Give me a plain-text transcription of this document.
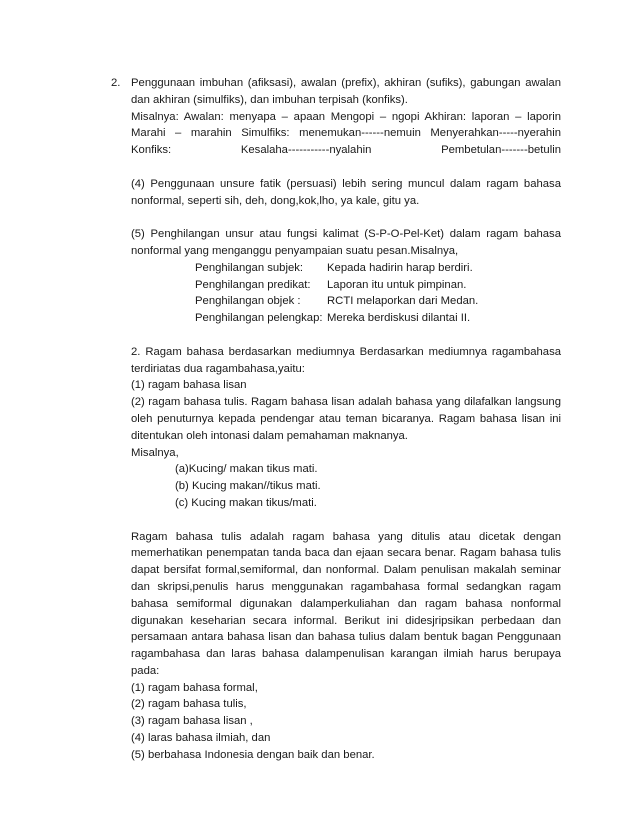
2. Penggunaan imbuhan (afiksasi), awalan (prefix), akhiran (sufiks), gabungan awalan dan akhiran (simulfiks), dan imbuhan terpisah (konfiks).

Misalnya: Awalan: menyapa – apaan Mengopi – ngopi Akhiran: laporan – laporin Marahi – marahin Simulfiks: menemukan------nemuin Menyerahkan-----nyerahin Konfiks: Kesalaha-----------nyalahin Pembetulan-------betulin

(4) Penggunaan unsure fatik (persuasi) lebih sering muncul dalam ragam bahasa nonformal, seperti sih, deh, dong,kok,lho, ya kale, gitu ya.

(5) Penghilangan unsur atau fungsi kalimat (S-P-O-Pel-Ket) dalam ragam bahasa nonformal yang menganggu penyampaian suatu pesan.Misalnya,

Penghilangan subjek:	Kepada hadirin harap berdiri.
Penghilangan predikat:	Laporan itu untuk pimpinan.
Penghilangan objek :	RCTI melaporkan dari Medan.
Penghilangan pelengkap: Mereka berdiskusi dilantai II.

2. Ragam bahasa berdasarkan mediumnya Berdasarkan mediumnya ragambahasa terdiriatas dua ragambahasa,yaitu:

(1) ragam bahasa lisan

(2) ragam bahasa tulis. Ragam bahasa lisan adalah bahasa yang dilafalkan langsung oleh penuturnya kepada pendengar atau teman bicaranya. Ragam bahasa lisan ini ditentukan oleh intonasi dalam pemahaman maknanya.

Misalnya,

(a)Kucing/ makan tikus mati.

(b) Kucing makan//tikus mati.

(c) Kucing makan tikus/mati.

Ragam bahasa tulis adalah ragam bahasa yang ditulis atau dicetak dengan memerhatikan penempatan tanda baca dan ejaan secara benar. Ragam bahasa tulis dapat bersifat formal,semiformal, dan nonformal. Dalam penulisan makalah seminar dan skripsi,penulis harus menggunakan ragambahasa formal sedangkan ragam bahasa semiformal digunakan dalamperkuliahan dan ragam bahasa nonformal digunakan keseharian secara informal. Berikut ini didesjripsikan perbedaan dan persamaan antara bahasa lisan dan bahasa tulius dalam bentuk bagan Penggunaan ragambahasa dan laras bahasa dalampenulisan karangan ilmiah harus berupaya pada:

(1) ragam bahasa formal,

(2) ragam bahasa tulis,

(3) ragam bahasa lisan ,

(4) laras bahasa ilmiah, dan

(5) berbahasa Indonesia dengan baik dan benar.
